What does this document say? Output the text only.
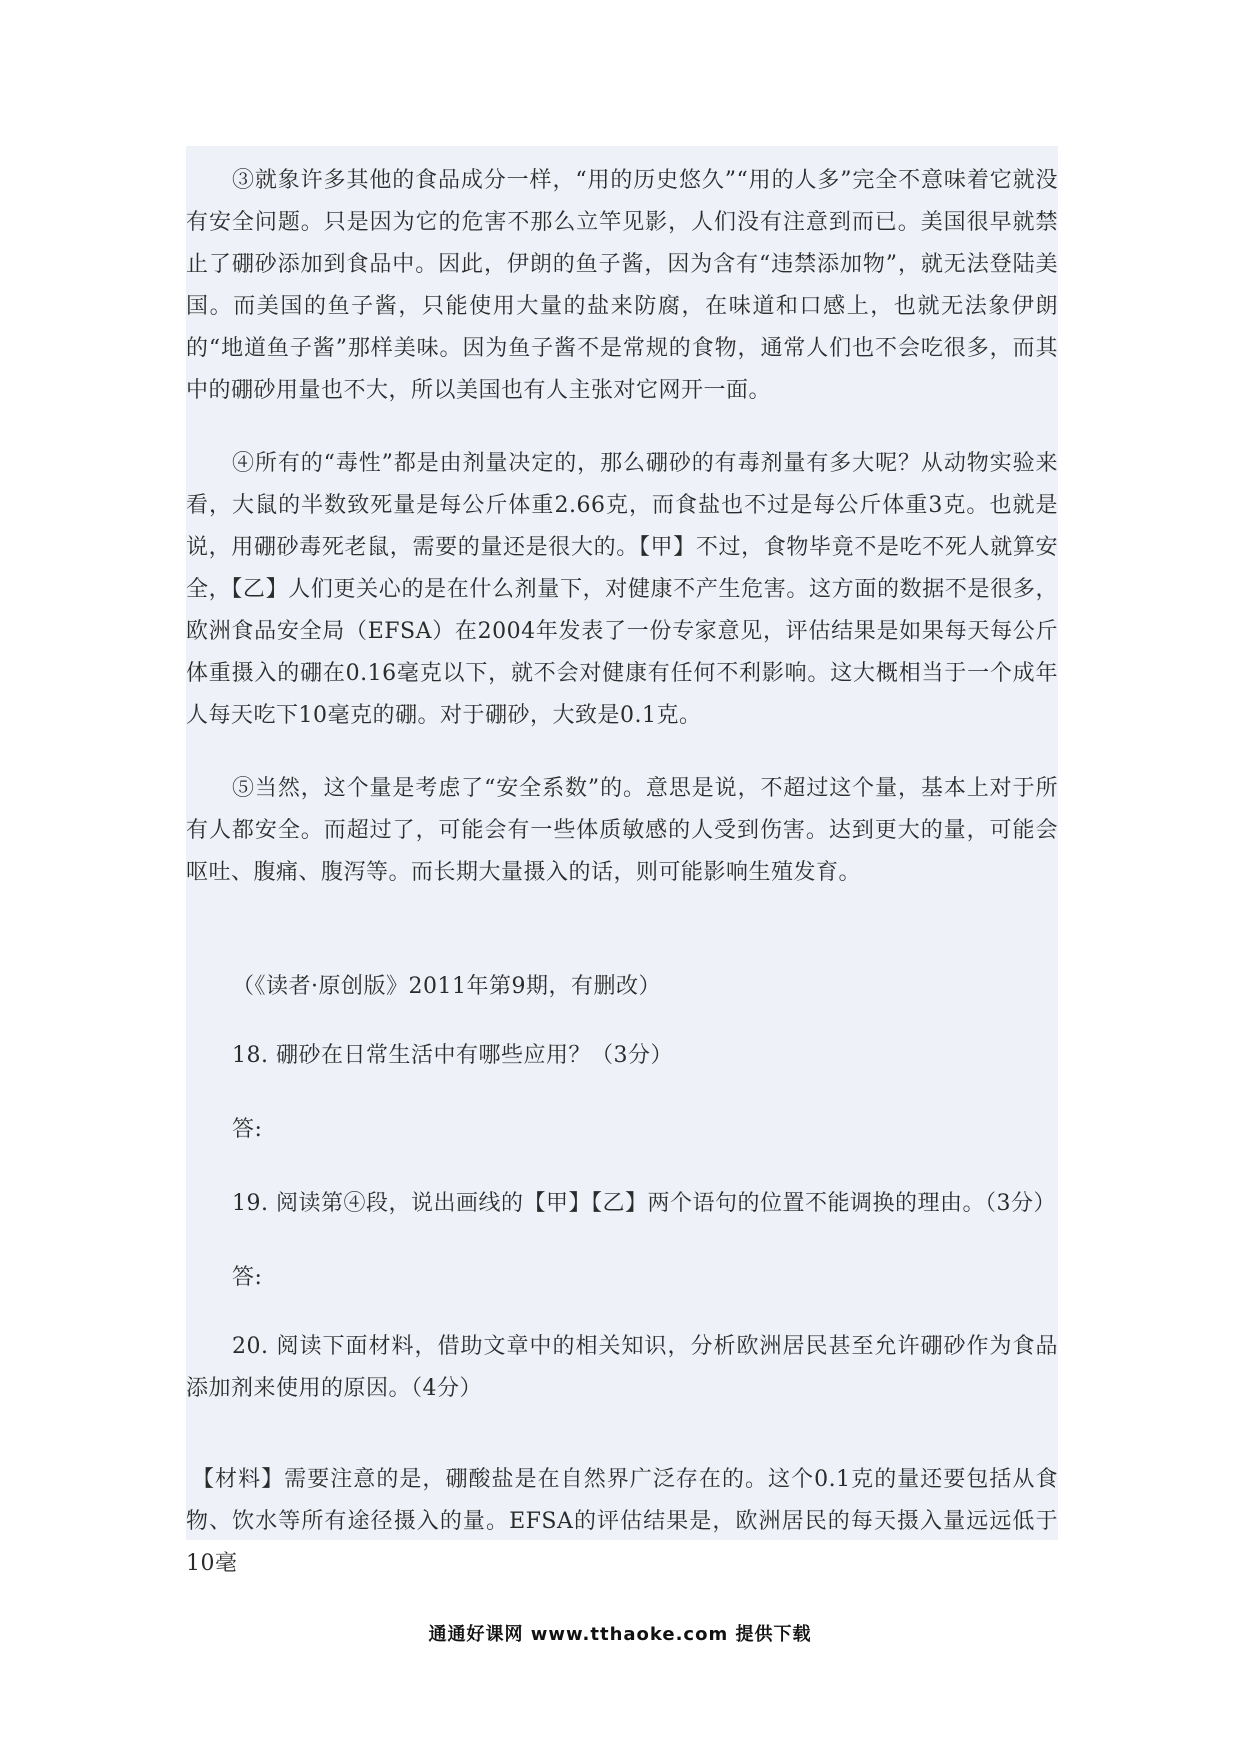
③就象许多其他的食品成分一样，“用的历史悠久”“用的人多”完全不意味着它就没有安全问题。只是因为它的危害不那么立竿见影，人们没有注意到而已。美国很早就禁止了硼砂添加到食品中。因此，伊朗的鱼子酱，因为含有“违禁添加物”，就无法登陆美国。而美国的鱼子酱，只能使用大量的盐来防腐，在味道和口感上，也就无法象伊朗的“地道鱼子酱”那样美味。因为鱼子酱不是常规的食物，通常人们也不会吃很多，而其中的硼砂用量也不大，所以美国也有人主张对它网开一面。

④所有的“毒性”都是由剂量决定的，那么硼砂的有毒剂量有多大呢？从动物实验来看，大鼠的半数致死量是每公斤体重2.66克，而食盐也不过是每公斤体重3克。也就是说，用硼砂毒死老鼠，需要的量还是很大的。【甲】不过，食物毕竟不是吃不死人就算安全，【乙】人们更关心的是在什么剂量下，对健康不产生危害。这方面的数据不是很多，欧洲食品安全局（EFSA）在2004年发表了一份专家意见，评估结果是如果每天每公斤体重摄入的硼在0.16毫克以下，就不会对健康有任何不利影响。这大概相当于一个成年人每天吃下10毫克的硼。对于硼砂，大致是0.1克。

⑤当然，这个量是考虑了“安全系数”的。意思是说，不超过这个量，基本上对于所有人都安全。而超过了，可能会有一些体质敏感的人受到伤害。达到更大的量，可能会呕吐、腹痛、腹泻等。而长期大量摄入的话，则可能影响生殖发育。

（《读者·原创版》2011年第9期，有删改）

18. 硼砂在日常生活中有哪些应用？（3分）

答:

19. 阅读第④段，说出画线的【甲】【乙】两个语句的位置不能调换的理由。（3分）

答:

20. 阅读下面材料，借助文章中的相关知识，分析欧洲居民甚至允许硼砂作为食品添加剂来使用的原因。（4分）

【材料】需要注意的是，硼酸盐是在自然界广泛存在的。这个0.1克的量还要包括从食物、饮水等所有途径摄入的量。EFSA的评估结果是，欧洲居民的每天摄入量远远低于10毫

通通好课网 www.tthaoke.com 提供下载
